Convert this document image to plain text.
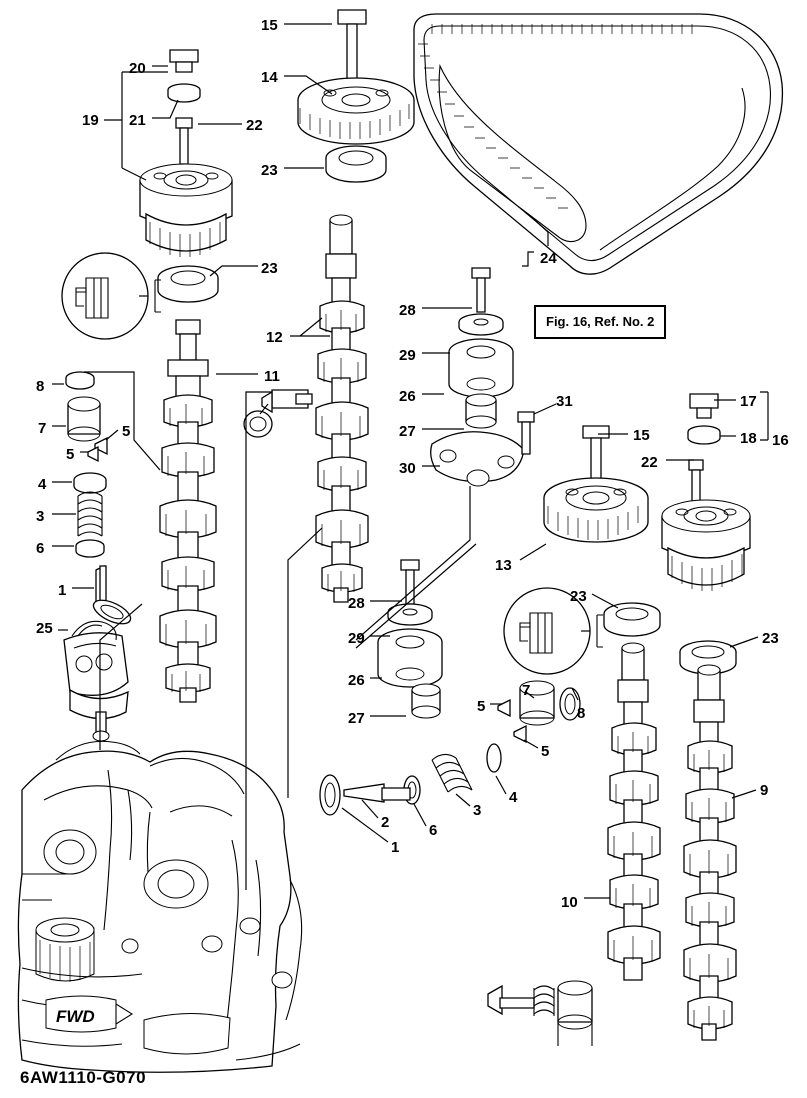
15
20
14
19 21	22
23
24
23
28
12
29
8
11
26	31	17
7	27	18 16
15
5
5	22
30
4
3
6
13
1
28	23
29
25
23
26
7
27
5	8
5
9
4
3
2	6
1
10
Fig. 16, Ref. No. 2
FWD
6AW1110-G070
